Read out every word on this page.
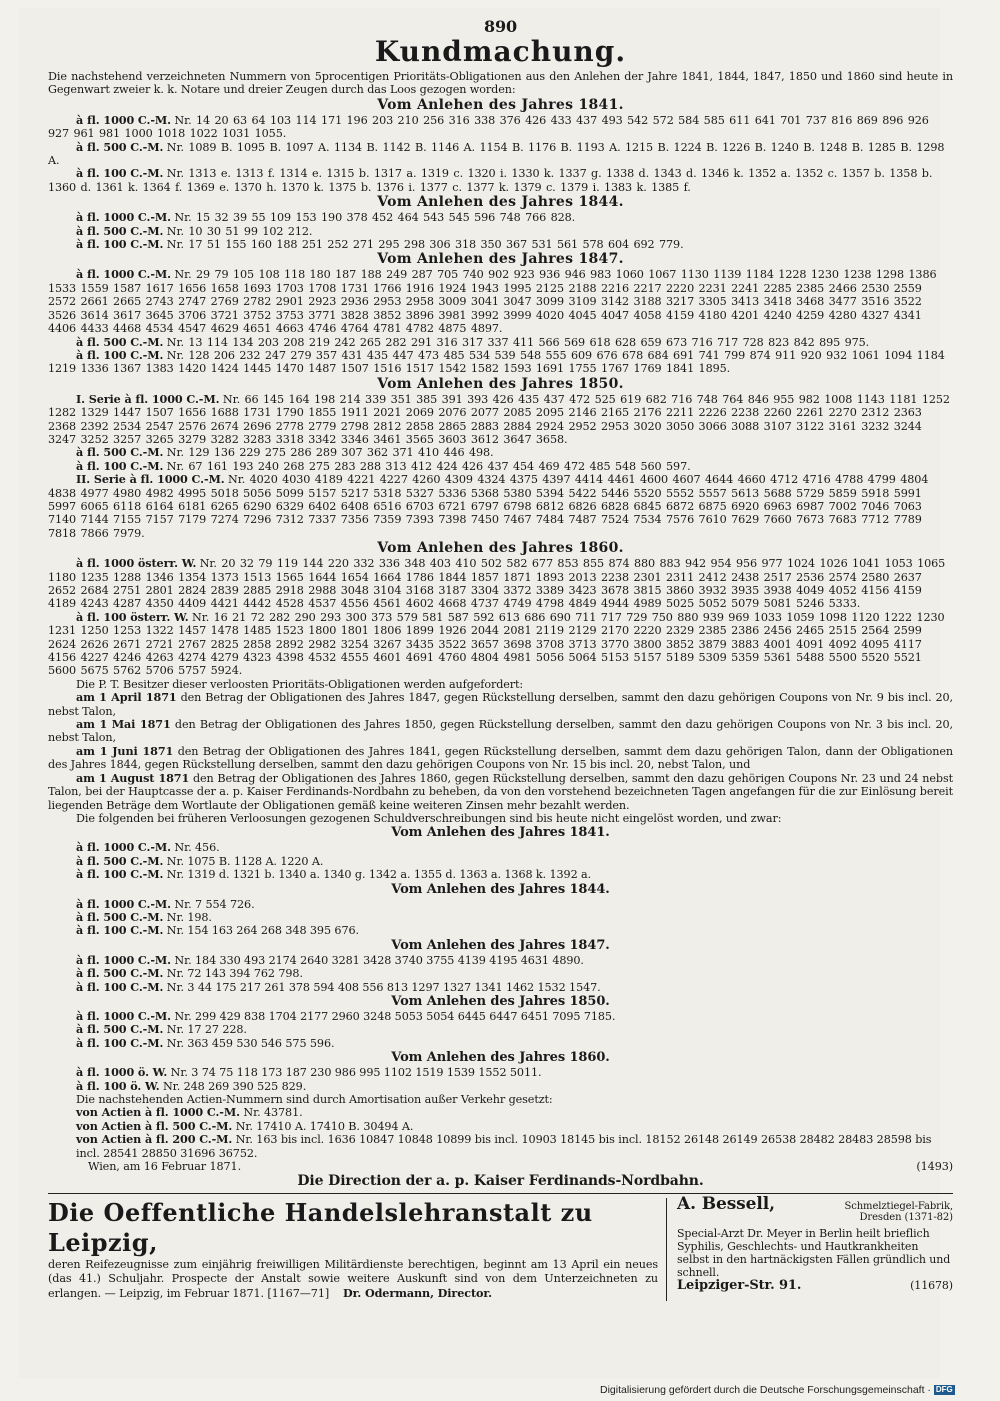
890
Kundmachung.
Die nachstehend verzeichneten Nummern von 5procentigen Prioritäts-Obligationen aus den Anlehen der Jahre 1841, 1844, 1847, 1850 und 1860 sind heute in Gegenwart zweier k. k. Notare und dreier Zeugen durch das Loos gezogen worden:
Vom Anlehen des Jahres 1841.
à fl. 1000 C.-M. Nr. 14 20 63 64 103 114 171 196 203 210 256 316 338 376 426 433 437 493 542 572 584 585 611 641 701 737 816 869 896 926 927 961 981 1000 1018 1022 1031 1055.
à fl. 500 C.-M. Nr. 1089 B. 1095 B. 1097 A. 1134 B. 1142 B. 1146 A. 1154 B. 1176 B. 1193 A. 1215 B. 1224 B. 1226 B. 1240 B. 1248 B. 1285 B. 1298 A.
à fl. 100 C.-M. Nr. 1313 e. 1313 f. 1314 e. 1315 b. 1317 a. 1319 c. 1320 i. 1330 k. 1337 g. 1338 d. 1343 d. 1346 k. 1352 a. 1352 c. 1357 b. 1358 b. 1360 d. 1361 k. 1364 f. 1369 e. 1370 h. 1370 k. 1375 b. 1376 i. 1377 c. 1377 k. 1379 c. 1379 i. 1383 k. 1385 f.
Vom Anlehen des Jahres 1844.
à fl. 1000 C.-M. Nr. 15 32 39 55 109 153 190 378 452 464 543 545 596 748 766 828.
à fl. 500 C.-M. Nr. 10 30 51 99 102 212.
à fl. 100 C.-M. Nr. 17 51 155 160 188 251 252 271 295 298 306 318 350 367 531 561 578 604 692 779.
Vom Anlehen des Jahres 1847.
à fl. 1000 C.-M. Nr. 29 79 105 108 118 180 187 188 249 287 705 740 902 923 936 946 983 1060 1067 1130 1139 1184 1228 1230 1238 1298 1386 1533 1559 1587 1617 1656 1658 1693 1703 1708 1731 1766 1916 1924 1943 1995 2125 2188 2216 2217 2220 2231 2241 2285 2385 2466 2530 2559 2572 2661 2665 2743 2747 2769 2782 2901 2923 2936 2953 2958 3009 3041 3047 3099 3109 3142 3188 3217 3305 3413 3418 3468 3477 3516 3522 3526 3614 3617 3645 3706 3721 3752 3753 3771 3828 3852 3896 3981 3992 3999 4020 4045 4047 4058 4159 4180 4201 4240 4259 4280 4327 4341 4406 4433 4468 4534 4547 4629 4651 4663 4746 4764 4781 4782 4875 4897.
à fl. 500 C.-M. Nr. 13 114 134 203 208 219 242 265 282 291 316 317 337 411 566 569 618 628 659 673 716 717 728 823 842 895 975.
à fl. 100 C.-M. Nr. 128 206 232 247 279 357 431 435 447 473 485 534 539 548 555 609 676 678 684 691 741 799 874 911 920 932 1061 1094 1184 1219 1336 1367 1383 1420 1424 1445 1470 1487 1507 1516 1517 1542 1582 1593 1691 1755 1767 1769 1841 1895.
Vom Anlehen des Jahres 1850.
I. Serie à fl. 1000 C.-M. Nr. 66 145 164 198 214 339 351 385 391 393 426 435 437 472 525 619 682 716 748 764 846 955 982 1008 1143 1181 1252 1282 1329 1447 1507 1656 1688 1731 1790 1855 1911 2021 2069 2076 2077 2085 2095 2146 2165 2176 2211 2226 2238 2260 2261 2270 2312 2363 2368 2392 2534 2547 2576 2674 2696 2778 2779 2798 2812 2858 2865 2883 2884 2924 2952 2953 3020 3050 3066 3088 3107 3122 3161 3232 3244 3247 3252 3257 3265 3279 3282 3283 3318 3342 3346 3461 3565 3603 3612 3647 3658.
à fl. 500 C.-M. Nr. 129 136 229 275 286 289 307 362 371 410 446 498.
à fl. 100 C.-M. Nr. 67 161 193 240 268 275 283 288 313 412 424 426 437 454 469 472 485 548 560 597.
II. Serie à fl. 1000 C.-M. Nr. 4020 4030 4189 4221 4227 4260 4309 4324 4375 4397 4414 4461 4600 4607 4644 4660 4712 4716 4788 4799 4804 4838 4977 4980 4982 4995 5018 5056 5099 5157 5217 5318 5327 5336 5368 5380 5394 5422 5446 5520 5552 5557 5613 5688 5729 5859 5918 5991 5997 6065 6118 6164 6181 6265 6290 6329 6402 6408 6516 6703 6721 6797 6798 6812 6826 6828 6845 6872 6875 6920 6963 6987 7002 7046 7063 7140 7144 7155 7157 7179 7274 7296 7312 7337 7356 7359 7393 7398 7450 7467 7484 7487 7524 7534 7576 7610 7629 7660 7673 7683 7712 7789 7818 7866 7979.
Vom Anlehen des Jahres 1860.
à fl. 1000 österr. W. Nr. 20 32 79 119 144 220 332 336 348 403 410 502 582 677 853 855 874 880 883 942 954 956 977 1024 1026 1041 1053 1065 1180 1235 1288 1346 1354 1373 1513 1565 1644 1654 1664 1786 1844 1857 1871 1893 2013 2238 2301 2311 2412 2438 2517 2536 2574 2580 2637 2652 2684 2751 2801 2824 2839 2885 2918 2988 3048 3104 3168 3187 3304 3372 3389 3423 3678 3815 3860 3932 3935 3938 4049 4052 4156 4159 4189 4243 4287 4350 4409 4421 4442 4528 4537 4556 4561 4602 4668 4737 4749 4798 4849 4944 4989 5025 5052 5079 5081 5246 5333.
à fl. 100 österr. W. Nr. 16 21 72 282 290 293 300 373 579 581 587 592 613 686 690 711 717 729 750 880 939 969 1033 1059 1098 1120 1222 1230 1231 1250 1253 1322 1457 1478 1485 1523 1800 1801 1806 1899 1926 2044 2081 2119 2129 2170 2220 2329 2385 2386 2456 2465 2515 2564 2599 2624 2626 2671 2721 2767 2825 2858 2892 2982 3254 3267 3435 3522 3657 3698 3708 3713 3770 3800 3852 3879 3883 4001 4091 4092 4095 4117 4156 4227 4246 4263 4274 4279 4323 4398 4532 4555 4601 4691 4760 4804 4981 5056 5064 5153 5157 5189 5309 5359 5361 5488 5500 5520 5521 5600 5675 5762 5706 5757 5924.
Die P. T. Besitzer dieser verloosten Prioritäts-Obligationen werden aufgefordert:
am 1 April 1871 den Betrag der Obligationen des Jahres 1847, gegen Rückstellung derselben, sammt den dazu gehörigen Coupons von Nr. 9 bis incl. 20, nebst Talon,
am 1 Mai 1871 den Betrag der Obligationen des Jahres 1850, gegen Rückstellung derselben, sammt den dazu gehörigen Coupons von Nr. 3 bis incl. 20, nebst Talon,
am 1 Juni 1871 den Betrag der Obligationen des Jahres 1841, gegen Rückstellung derselben, sammt dem dazu gehörigen Talon, dann der Obligationen des Jahres 1844, gegen Rückstellung derselben, sammt den dazu gehörigen Coupons von Nr. 15 bis incl. 20, nebst Talon, und
am 1 August 1871 den Betrag der Obligationen des Jahres 1860, gegen Rückstellung derselben, sammt den dazu gehörigen Coupons Nr. 23 und 24 nebst Talon, bei der Hauptcasse der a. p. Kaiser Ferdinands-Nordbahn zu beheben, da von den vorstehend bezeichneten Tagen angefangen für die zur Einlösung bereit liegenden Beträge dem Wortlaute der Obligationen gemäß keine weiteren Zinsen mehr bezahlt werden.
Die folgenden bei früheren Verloosungen gezogenen Schuldverschreibungen sind bis heute nicht eingelöst worden, und zwar:
Vom Anlehen des Jahres 1841.
à fl. 1000 C.-M. Nr. 456.
à fl. 500 C.-M. Nr. 1075 B. 1128 A. 1220 A.
à fl. 100 C.-M. Nr. 1319 d. 1321 b. 1340 a. 1340 g. 1342 a. 1355 d. 1363 a. 1368 k. 1392 a.
Vom Anlehen des Jahres 1844.
à fl. 1000 C.-M. Nr. 7 554 726.
à fl. 500 C.-M. Nr. 198.
à fl. 100 C.-M. Nr. 154 163 264 268 348 395 676.
Vom Anlehen des Jahres 1847.
à fl. 1000 C.-M. Nr. 184 330 493 2174 2640 3281 3428 3740 3755 4139 4195 4631 4890.
à fl. 500 C.-M. Nr. 72 143 394 762 798.
à fl. 100 C.-M. Nr. 3 44 175 217 261 378 594 408 556 813 1297 1327 1341 1462 1532 1547.
Vom Anlehen des Jahres 1850.
à fl. 1000 C.-M. Nr. 299 429 838 1704 2177 2960 3248 5053 5054 6445 6447 6451 7095 7185.
à fl. 500 C.-M. Nr. 17 27 228.
à fl. 100 C.-M. Nr. 363 459 530 546 575 596.
Vom Anlehen des Jahres 1860.
à fl. 1000 ö. W. Nr. 3 74 75 118 173 187 230 986 995 1102 1519 1539 1552 5011.
à fl. 100 ö. W. Nr. 248 269 390 525 829.
Die nachstehenden Actien-Nummern sind durch Amortisation außer Verkehr gesetzt:
von Actien à fl. 1000 C.-M. Nr. 43781.
von Actien à fl. 500 C.-M. Nr. 17410 A. 17410 B. 30494 A.
von Actien à fl. 200 C.-M. Nr. 163 bis incl. 1636 10847 10848 10899 bis incl. 10903 18145 bis incl. 18152 26148 26149 26538 28482 28483 28598 bis incl. 28541 28850 31696 36752.
Wien, am 16 Februar 1871.	(1493)
Die Direction der a. p. Kaiser Ferdinands-Nordbahn.
Die Oeffentliche Handelslehranstalt zu Leipzig,
deren Reifezeugnisse zum einjährig freiwilligen Militärdienste berechtigen, beginnt am 13 April ein neues (das 41.) Schuljahr. Prospecte der Anstalt sowie weitere Auskunft sind von dem Unterzeichneten zu erlangen. — Leipzig, im Februar 1871. [1167—71] Dr. Odermann, Director.
A. Bessell,	Schmelztiegel-Fabrik,
Dresden (1371-82)
Special-Arzt Dr. Meyer in Berlin heilt brieflich Syphilis, Geschlechts- und Hautkrankheiten selbst in den hartnäckigsten Fällen gründlich und schnell.
Leipziger-Str. 91.	(11678)
Digitalisierung gefördert durch die Deutsche Forschungsgemeinschaft · DFG
